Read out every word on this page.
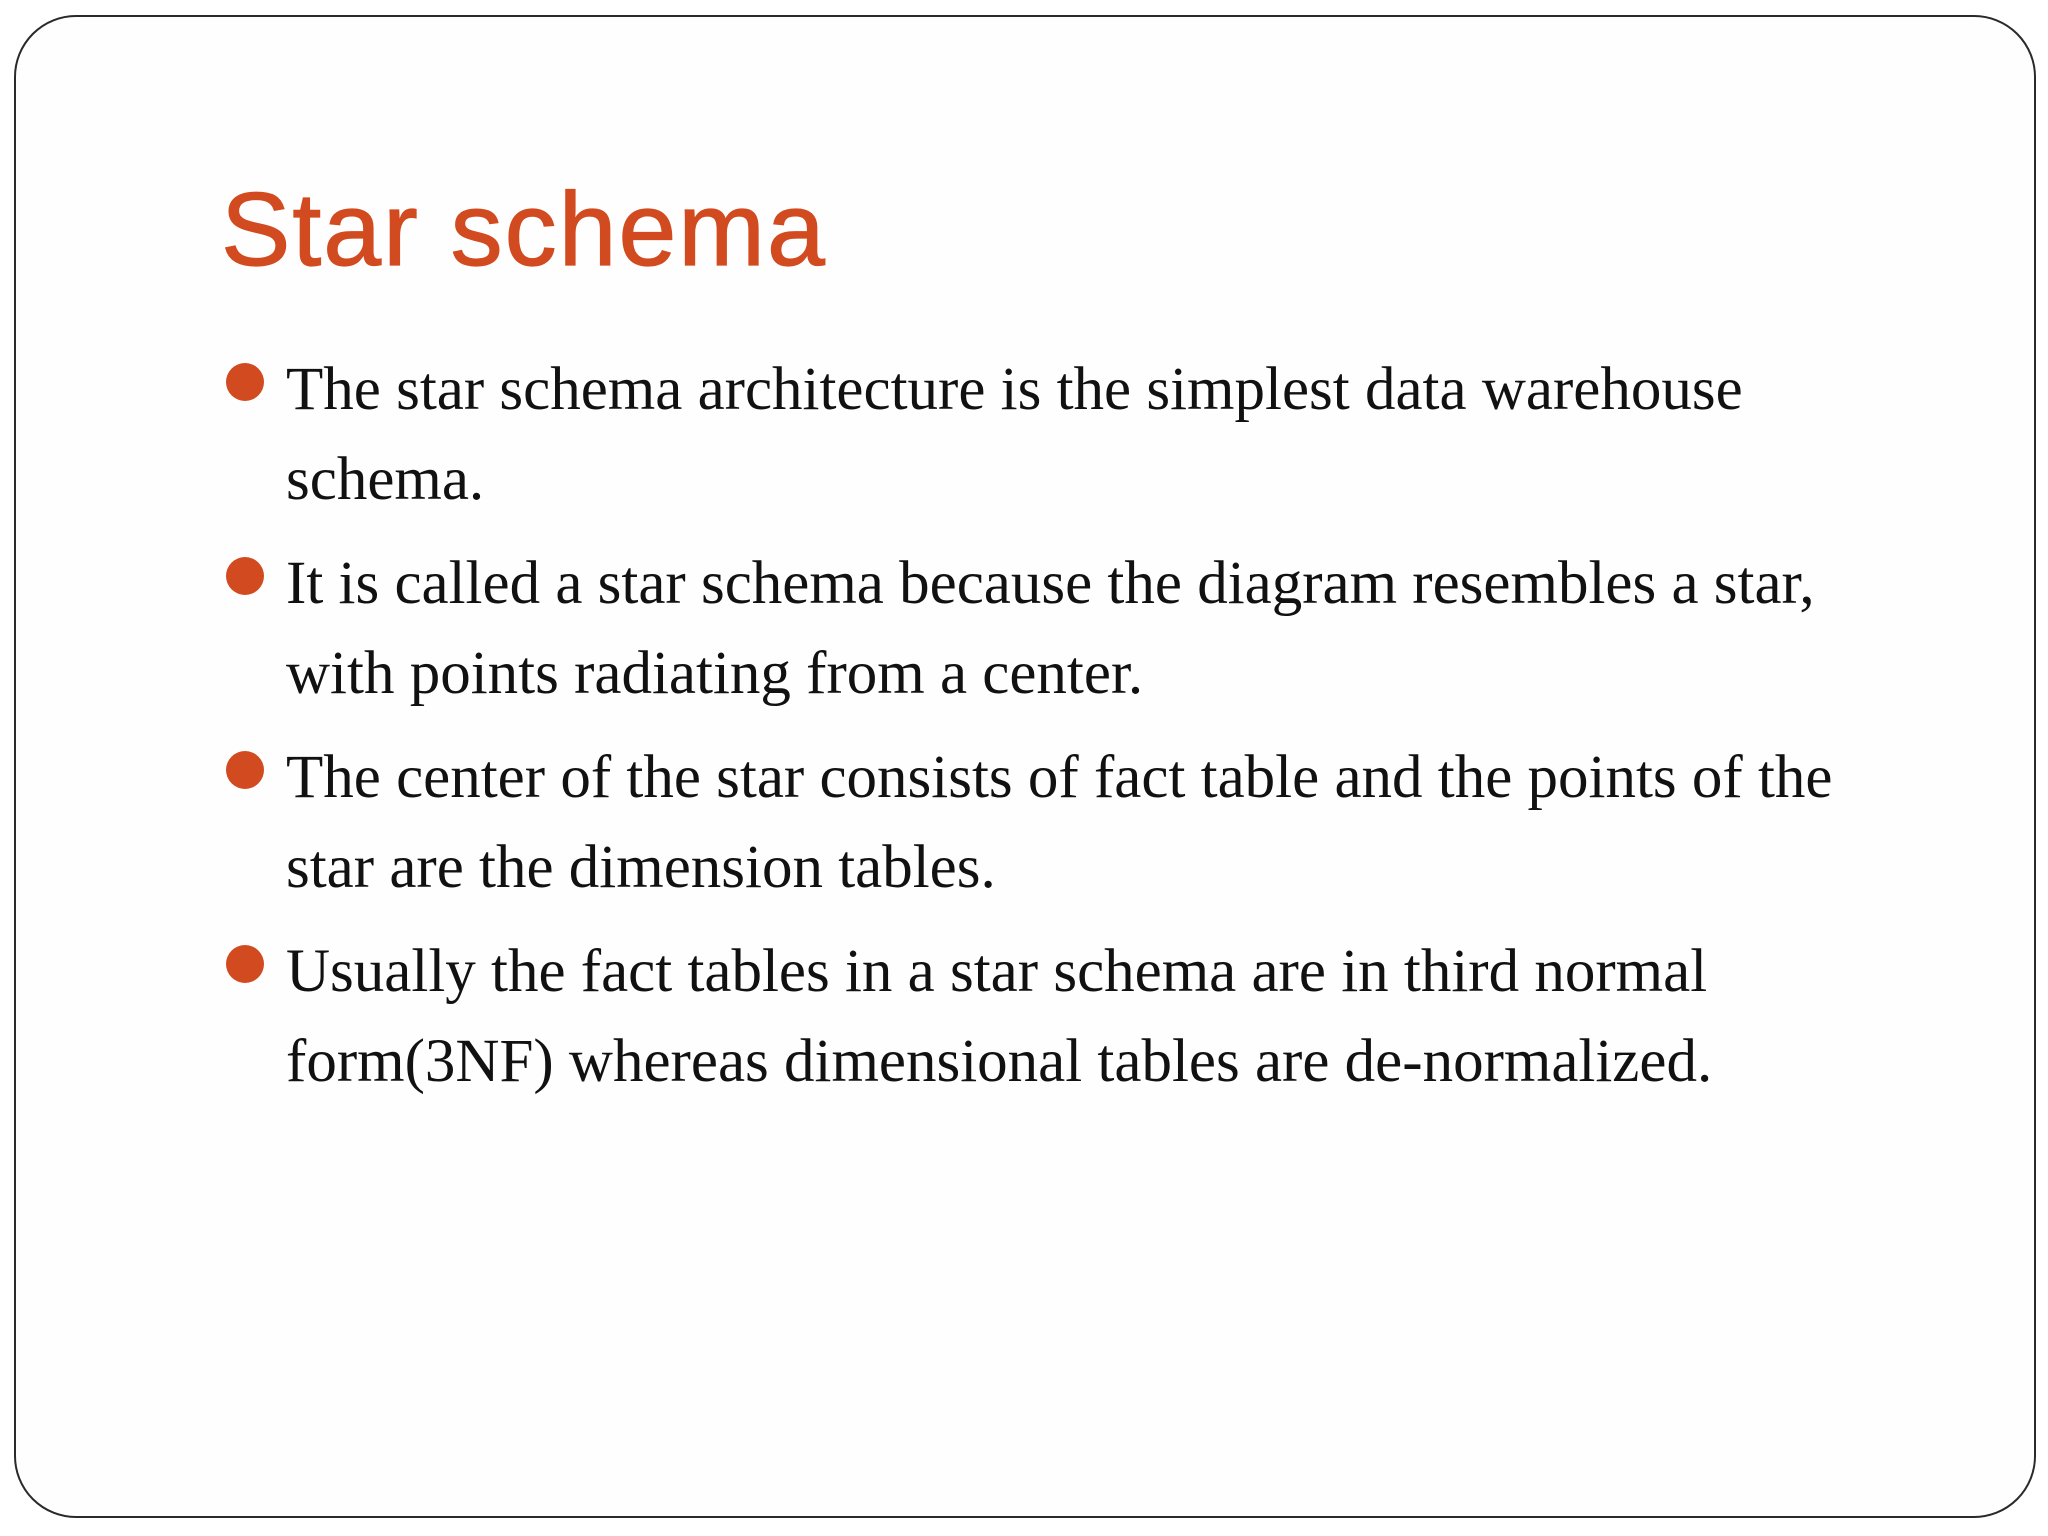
Star schema
The star schema architecture is the simplest data warehouse schema.
It is called a star schema because the diagram resembles a star, with points radiating from a center.
The center of the star consists of fact table and the points of the star are the dimension tables.
Usually the fact tables in a star schema are in third normal form(3NF) whereas dimensional tables are de-normalized.
